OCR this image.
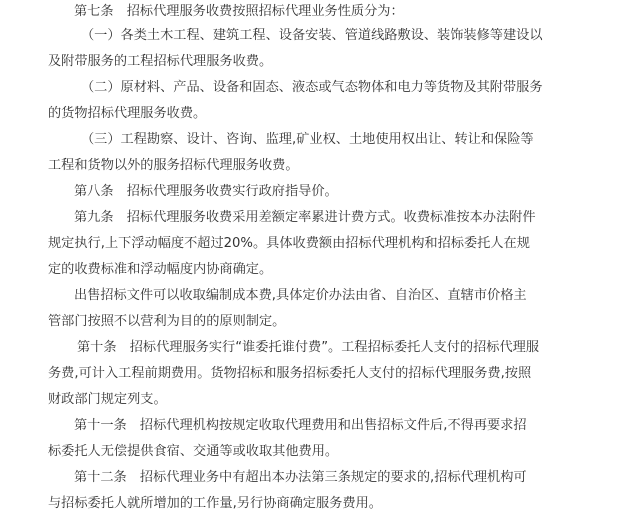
第七条　招标代理服务收费按照招标代理业务性质分为：
（一）各类土木工程、建筑工程、设备安装、管道线路敷设、装饰装修等建设以
及附带服务的工程招标代理服务收费。
（二）原材料、产品、设备和固态、液态或气态物体和电力等货物及其附带服务
的货物招标代理服务收费。
（三）工程勘察、设计、咨询、监理,矿业权、土地使用权出让、转让和保险等
工程和货物以外的服务招标代理服务收费。
第八条　招标代理服务收费实行政府指导价。
第九条　招标代理服务收费采用差额定率累进计费方式。收费标准按本办法附件
规定执行,上下浮动幅度不超过20%。具体收费额由招标代理机构和招标委托人在规
定的收费标准和浮动幅度内协商确定。
出售招标文件可以收取编制成本费,具体定价办法由省、自治区、直辖市价格主
管部门按照不以营利为目的的原则制定。
第十条　招标代理服务实行“谁委托谁付费”。工程招标委托人支付的招标代理服
务费,可计入工程前期费用。货物招标和服务招标委托人支付的招标代理服务费,按照
财政部门规定列支。
第十一条　招标代理机构按规定收取代理费用和出售招标文件后,不得再要求招
标委托人无偿提供食宿、交通等或收取其他费用。
第十二条　招标代理业务中有超出本办法第三条规定的要求的,招标代理机构可
与招标委托人就所增加的工作量,另行协商确定服务费用。
